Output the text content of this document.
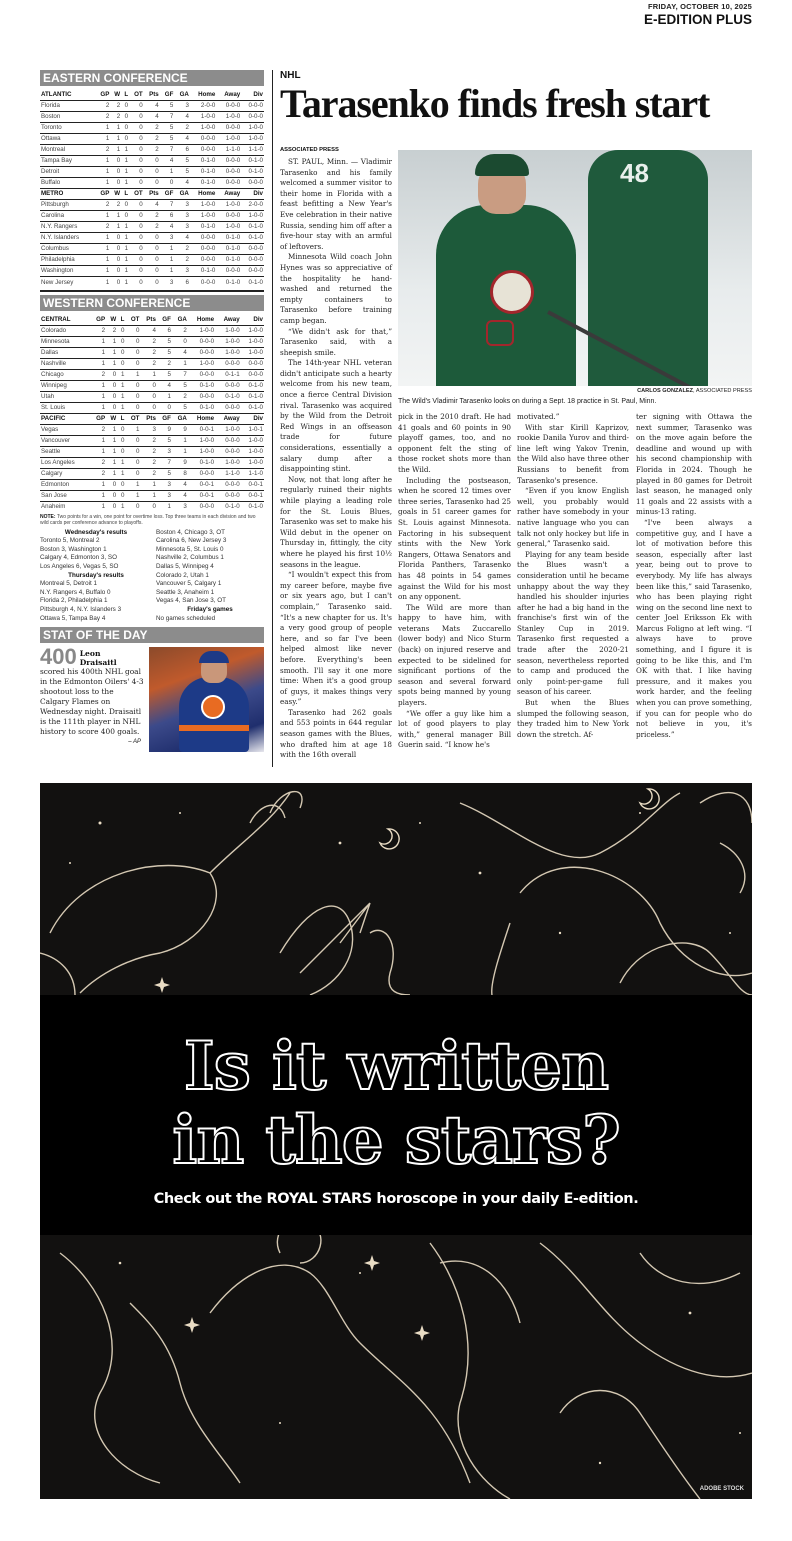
FRIDAY, OCTOBER 10, 2025
E-EDITION PLUS
EASTERN CONFERENCE
ATLANTIC	GP	W	L	OT	Pts	GF	GA	Home	Away	Div
Florida	2	2	0	0	4	5	3	2-0-0	0-0-0	0-0-0
Boston	2	2	0	0	4	7	4	1-0-0	1-0-0	0-0-0
Toronto	1	1	0	0	2	5	2	1-0-0	0-0-0	1-0-0
Ottawa	1	1	0	0	2	5	4	0-0-0	1-0-0	1-0-0
Montreal	2	1	1	0	2	7	6	0-0-0	1-1-0	1-1-0
Tampa Bay	1	0	1	0	0	4	5	0-1-0	0-0-0	0-1-0
Detroit	1	0	1	0	0	1	5	0-1-0	0-0-0	0-1-0
Buffalo	1	0	1	0	0	0	4	0-1-0	0-0-0	0-0-0
METRO	GP	W	L	OT	Pts	GF	GA	Home	Away	Div
Pittsburgh	2	2	0	0	4	7	3	1-0-0	1-0-0	2-0-0
Carolina	1	1	0	0	2	6	3	1-0-0	0-0-0	1-0-0
N.Y. Rangers	2	1	1	0	2	4	3	0-1-0	1-0-0	0-1-0
N.Y. Islanders	1	0	1	0	0	3	4	0-0-0	0-1-0	0-1-0
Columbus	1	0	1	0	0	1	2	0-0-0	0-1-0	0-0-0
Philadelphia	1	0	1	0	0	1	2	0-0-0	0-1-0	0-0-0
Washington	1	0	1	0	0	1	3	0-1-0	0-0-0	0-0-0
New Jersey	1	0	1	0	0	3	6	0-0-0	0-1-0	0-1-0
WESTERN CONFERENCE
CENTRAL	GP	W	L	OT	Pts	GF	GA	Home	Away	Div
Colorado	2	2	0	0	4	6	2	1-0-0	1-0-0	1-0-0
Minnesota	1	1	0	0	2	5	0	0-0-0	1-0-0	1-0-0
Dallas	1	1	0	0	2	5	4	0-0-0	1-0-0	1-0-0
Nashville	1	1	0	0	2	2	1	1-0-0	0-0-0	0-0-0
Chicago	2	0	1	1	1	5	7	0-0-0	0-1-1	0-0-0
Winnipeg	1	0	1	0	0	4	5	0-1-0	0-0-0	0-1-0
Utah	1	0	1	0	0	1	2	0-0-0	0-1-0	0-1-0
St. Louis	1	0	1	0	0	0	5	0-1-0	0-0-0	0-1-0
PACIFIC	GP	W	L	OT	Pts	GF	GA	Home	Away	Div
Vegas	2	1	0	1	3	9	9	0-0-1	1-0-0	1-0-1
Vancouver	1	1	0	0	2	5	1	1-0-0	0-0-0	1-0-0
Seattle	1	1	0	0	2	3	1	1-0-0	0-0-0	1-0-0
Los Angeles	2	1	1	0	2	7	9	0-1-0	1-0-0	1-0-0
Calgary	2	1	1	0	2	5	8	0-0-0	1-1-0	1-1-0
Edmonton	1	0	0	1	1	3	4	0-0-1	0-0-0	0-0-1
San Jose	1	0	0	1	1	3	4	0-0-1	0-0-0	0-0-1
Anaheim	1	0	1	0	0	1	3	0-0-0	0-1-0	0-1-0
NOTE: Two points for a win, one point for overtime loss. Top three teams in each division and two wild cards per conference advance to playoffs.
Wednesday's results
Toronto 5, Montreal 2
Boston 3, Washington 1
Calgary 4, Edmonton 3, SO
Los Angeles 6, Vegas 5, SO
Thursday's results
Montreal 5, Detroit 1
N.Y. Rangers 4, Buffalo 0
Florida 2, Philadelphia 1
Pittsburgh 4, N.Y. Islanders 3
Ottawa 5, Tampa Bay 4
Boston 4, Chicago 3, OT
Carolina 6, New Jersey 3
Minnesota 5, St. Louis 0
Nashville 2, Columbus 1
Dallas 5, Winnipeg 4
Colorado 2, Utah 1
Vancouver 5, Calgary 1
Seattle 3, Anaheim 1
Vegas 4, San Jose 3, OT
Friday's games
No games scheduled
STAT OF THE DAY
400 Leon
Draisaitl
scored his 400th NHL goal in the Edmonton Oilers' 4-3 shootout loss to the Calgary Flames on Wednesday night. Draisaitl is the 111th player in NHL history to score 400 goals.
– AP
NHL
Tarasenko finds fresh start
ASSOCIATED PRESS

ST. PAUL, Minn. — Vladimir Tarasenko and his family welcomed a summer visitor to their home in Florida with a feast befitting a New Year's Eve celebration in their native Russia, sending him off after a five-hour stay with an armful of leftovers.

Minnesota Wild coach John Hynes was so appreciative of the hospitality he hand-washed and returned the empty containers to Tarasenko before training camp began.

“We didn't ask for that,” Tarasenko said, with a sheepish smile.

The 14th-year NHL veteran didn't anticipate such a hearty welcome from his new team, once a fierce Central Division rival. Tarasenko was acquired by the Wild from the Detroit Red Wings in an offseason trade for future considerations, essentially a salary dump after a disappointing stint.

Now, not that long after he regularly ruined their nights while playing a leading role for the St. Louis Blues, Tarasenko was set to make his Wild debut in the opener on Thursday in, fittingly, the city where he played his first 10½ seasons in the league.

“I wouldn't expect this from my career before, maybe five or six years ago, but I can't complain,” Tarasenko said. “It's a new chapter for us. It's a very good group of people here, and so far I've been helped almost like never before. Everything's been smooth. I'll say it one more time: When it's a good group of guys, it makes things very easy.”

Tarasenko had 262 goals and 553 points in 644 regular season games with the Blues, who drafted him at age 18 with the 16th overall

pick in the 2010 draft. He had 41 goals and 60 points in 90 playoff games, too, and no opponent felt the sting of those rocket shots more than the Wild.

Including the postseason, when he scored 12 times over three series, Tarasenko had 25 goals in 51 career games for St. Louis against Minnesota. Factoring in his subsequent stints with the New York Rangers, Ottawa Senators and Florida Panthers, Tarasenko has 48 points in 54 games against the Wild for his most on any opponent.

The Wild are more than happy to have him, with veterans Mats Zuccarello (lower body) and Nico Sturm (back) on injured reserve and expected to be sidelined for significant portions of the season and several forward spots being manned by young players.

“We offer a guy like him a lot of good players to play with,” general manager Bill Guerin said. “I know he's

motivated.”

With star Kirill Kaprizov, rookie Danila Yurov and third-line left wing Yakov Trenin, the Wild also have three other Russians to benefit from Tarasenko's presence.

“Even if you know English well, you probably would rather have somebody in your native language who you can talk not only hockey but life in general,” Tarasenko said.

Playing for any team beside the Blues wasn't a consideration until he became unhappy about the way they handled his shoulder injuries after he had a big hand in the franchise's first win of the Stanley Cup in 2019. Tarasenko first requested a trade after the 2020-21 season, nevertheless reported to camp and produced the only point-per-game full season of his career.

But when the Blues slumped the following season, they traded him to New York down the stretch. Af-

ter signing with Ottawa the next summer, Tarasenko was on the move again before the deadline and wound up with his second championship with Florida in 2024. Though he played in 80 games for Detroit last season, he managed only 11 goals and 22 assists with a minus-13 rating.

“I've been always a competitive guy, and I have a lot of motivation before this season, especially after last year, being out to prove to everybody. My life has always been like this,” said Tarasenko, who has been playing right wing on the second line next to center Joel Eriksson Ek with Marcus Foligno at left wing. “I always have to prove something, and I figure it is going to be like this, and I'm OK with that. I like having pressure, and it makes you work harder, and the feeling when you can prove something, if you can for people who do not believe in you, it's priceless.”

48
CARLOS GONZALEZ, ASSOCIATED PRESS
The Wild's Vladimir Tarasenko looks on during a Sept. 18 practice in St. Paul, Minn.
Is it written
in the stars?
Check out the ROYAL STARS horoscope in your daily E-edition.
ADOBE STOCK
